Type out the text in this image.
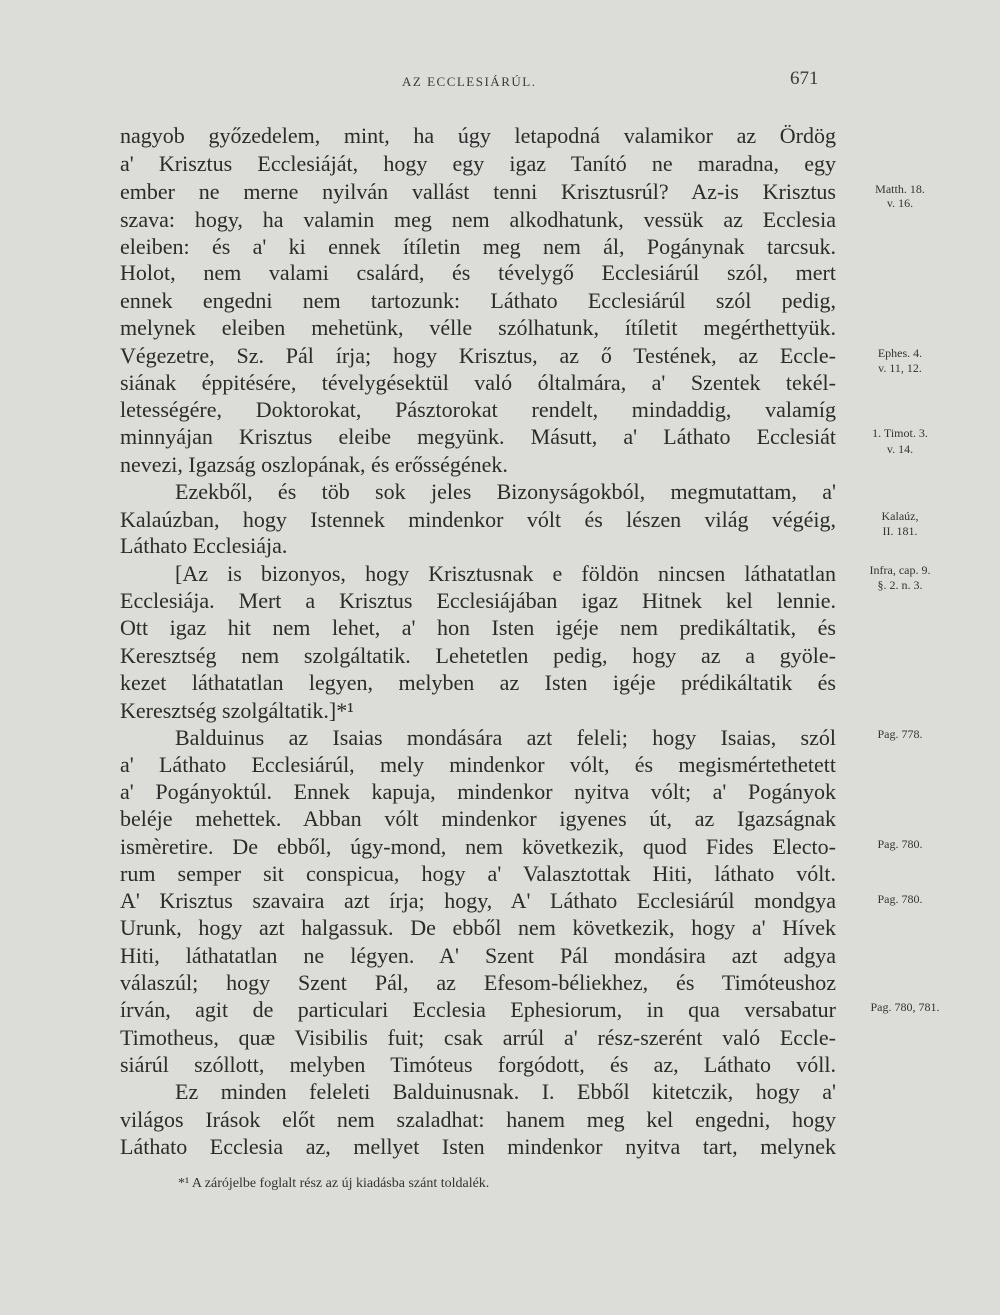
AZ ECCLESIÁRÚL.	671
nagyob győzedelem, mint, ha úgy letapodná valamikor az Ördög
a' Krisztus Ecclesiáját, hogy egy igaz Tanító ne maradna, egy
ember ne merne nyilván vallást tenni Krisztusrúl? Az-is Krisztus
szava: hogy, ha valamin meg nem alkodhatunk, vessük az Ecclesia
eleiben: és a' ki ennek ítíletin meg nem ál, Pogánynak tarcsuk.
Holot, nem valami csalárd, és tévelygő Ecclesiárúl szól, mert
ennek engedni nem tartozunk: Láthato Ecclesiárúl szól pedig,
melynek eleiben mehetünk, vélle szólhatunk, ítíletit megérthettyük.
Végezetre, Sz. Pál írja; hogy Krisztus, az ő Testének, az Eccle-
siának éppitésére, tévelygésektül való óltalmára, a' Szentek tekél-
letességére, Doktorokat, Pásztorokat rendelt, mindaddig, valamíg
minnyájan Krisztus eleibe megyünk. Másutt, a' Láthato Ecclesiát
nevezi, Igazság oszlopának, és erősségének.
Ezekből, és töb sok jeles Bizonyságokból, megmutattam, a'
Kalaúzban, hogy Istennek mindenkor vólt és lészen világ végéig,
Láthato Ecclesiája.
[Az is bizonyos, hogy Krisztusnak e földön nincsen láthatatlan
Ecclesiája. Mert a Krisztus Ecclesiájában igaz Hitnek kel lennie.
Ott igaz hit nem lehet, a' hon Isten igéje nem predikáltatik, és
Keresztség nem szolgáltatik. Lehetetlen pedig, hogy az a gyöle-
kezet láthatatlan legyen, melyben az Isten igéje prédikáltatik és
Keresztség szolgáltatik.]*¹
Balduinus az Isaias mondására azt feleli; hogy Isaias, szól
a' Láthato Ecclesiárúl, mely mindenkor vólt, és megismértethetett
a' Pogányoktúl. Ennek kapuja, mindenkor nyitva vólt; a' Pogányok
beléje mehettek. Abban vólt mindenkor igyenes út, az Igazságnak
ismèretire. De ebből, úgy-mond, nem következik, quod Fides Electo-
rum semper sit conspicua, hogy a' Valasztottak Hiti, láthato vólt.
A' Krisztus szavaira azt írja; hogy, A' Láthato Ecclesiárúl mondgya
Urunk, hogy azt halgassuk. De ebből nem következik, hogy a' Hívek
Hiti, láthatatlan ne légyen. A' Szent Pál mondásira azt adgya
válaszúl; hogy Szent Pál, az Efesom-béliekhez, és Timóteushoz
írván, agit de particulari Ecclesia Ephesiorum, in qua versabatur
Timotheus, quæ Visibilis fuit; csak arrúl a' rész-szerént való Eccle-
siárúl szóllott, melyben Timóteus forgódott, és az, Láthato vóll.
Ez minden feleleti Balduinusnak. I. Ebből kitetczik, hogy a'
világos Irások előt nem szaladhat: hanem meg kel engedni, hogy
Láthato Ecclesia az, mellyet Isten mindenkor nyitva tart, melynek
Matth. 18.
v. 16.
Ephes. 4.
v. 11, 12.
1. Timot. 3.
v. 14.
Kalaúz,
II. 181.
Infra, cap. 9.
§. 2. n. 3.
Pag. 778.
Pag. 780.
Pag. 780.
Pag. 780, 781.
*¹ A zárójelbe foglalt rész az új kiadásba szánt toldalék.
